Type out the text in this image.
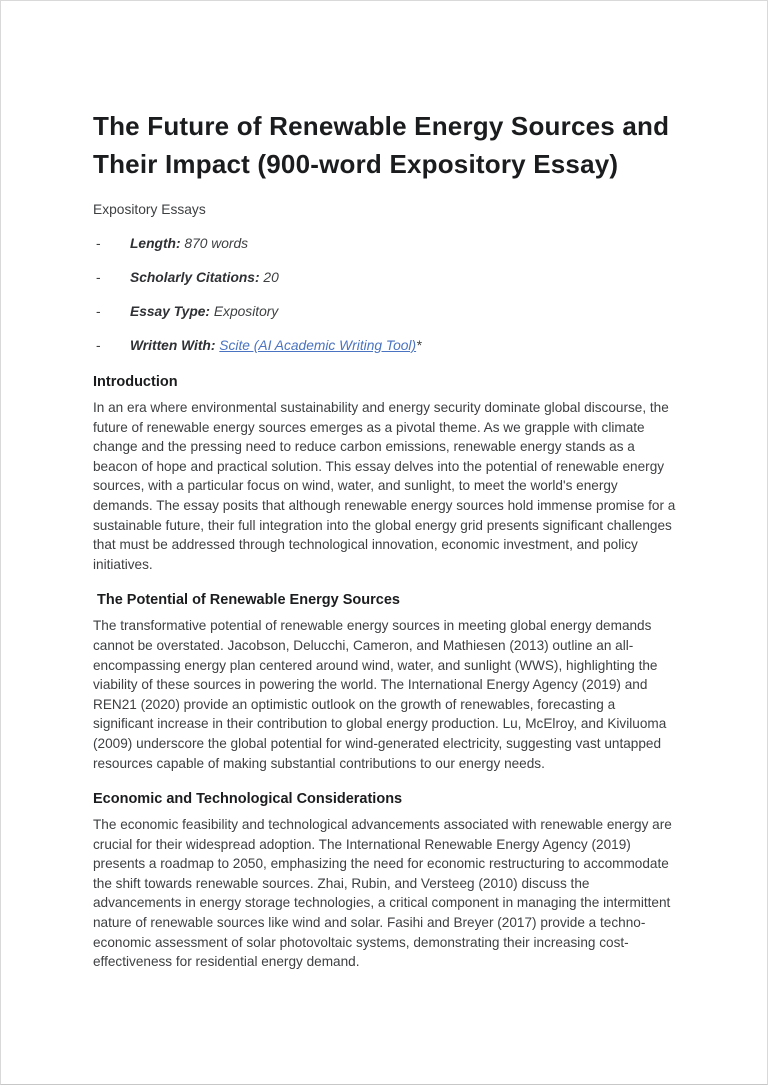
The Future of Renewable Energy Sources and Their Impact (900-word Expository Essay)
Expository Essays
- Length: 870 words
- Scholarly Citations: 20
- Essay Type: Expository
- Written With: Scite (AI Academic Writing Tool)*
Introduction

In an era where environmental sustainability and energy security dominate global discourse, the future of renewable energy sources emerges as a pivotal theme. As we grapple with climate change and the pressing need to reduce carbon emissions, renewable energy stands as a beacon of hope and practical solution. This essay delves into the potential of renewable energy sources, with a particular focus on wind, water, and sunlight, to meet the world's energy demands. The essay posits that although renewable energy sources hold immense promise for a sustainable future, their full integration into the global energy grid presents significant challenges that must be addressed through technological innovation, economic investment, and policy initiatives.

The Potential of Renewable Energy Sources

The transformative potential of renewable energy sources in meeting global energy demands cannot be overstated. Jacobson, Delucchi, Cameron, and Mathiesen (2013) outline an all-encompassing energy plan centered around wind, water, and sunlight (WWS), highlighting the viability of these sources in powering the world. The International Energy Agency (2019) and REN21 (2020) provide an optimistic outlook on the growth of renewables, forecasting a significant increase in their contribution to global energy production. Lu, McElroy, and Kiviluoma (2009) underscore the global potential for wind-generated electricity, suggesting vast untapped resources capable of making substantial contributions to our energy needs.

Economic and Technological Considerations

The economic feasibility and technological advancements associated with renewable energy are crucial for their widespread adoption. The International Renewable Energy Agency (2019) presents a roadmap to 2050, emphasizing the need for economic restructuring to accommodate the shift towards renewable sources. Zhai, Rubin, and Versteeg (2010) discuss the advancements in energy storage technologies, a critical component in managing the intermittent nature of renewable sources like wind and solar. Fasihi and Breyer (2017) provide a techno-economic assessment of solar photovoltaic systems, demonstrating their increasing cost-effectiveness for residential energy demand.
